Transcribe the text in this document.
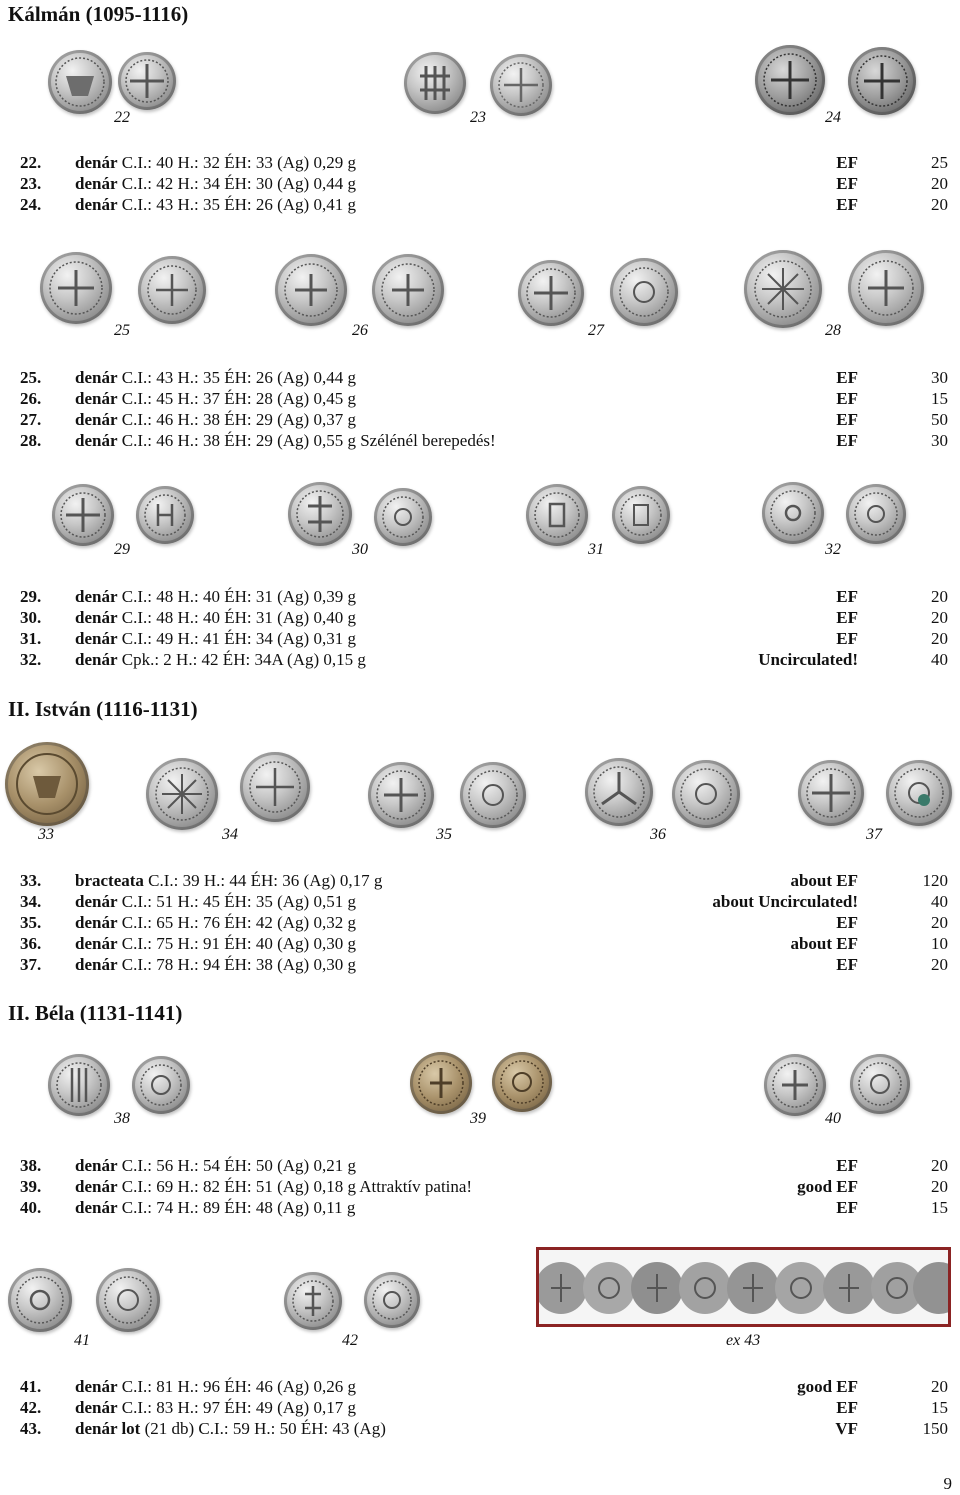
Kálmán (1095-1116)
22	23	24
22. denár C.I.: 40 H.: 32 ÉH: 33 (Ag) 0,29 g	EF	25
23. denár C.I.: 42 H.: 34 ÉH: 30 (Ag) 0,44 g	EF	20
24. denár C.I.: 43 H.: 35 ÉH: 26 (Ag) 0,41 g	EF	20
25	26	27	28
25. denár C.I.: 43 H.: 35 ÉH: 26 (Ag) 0,44 g	EF	30
26. denár C.I.: 45 H.: 37 ÉH: 28 (Ag) 0,45 g	EF	15
27. denár C.I.: 46 H.: 38 ÉH: 29 (Ag) 0,37 g	EF	50
28. denár C.I.: 46 H.: 38 ÉH: 29 (Ag) 0,55 g Szélénél berepedés!	EF	30
29	30	31	32
29. denár C.I.: 48 H.: 40 ÉH: 31 (Ag) 0,39 g	EF	20
30. denár C.I.: 48 H.: 40 ÉH: 31 (Ag) 0,40 g	EF	20
31. denár C.I.: 49 H.: 41 ÉH: 34 (Ag) 0,31 g	EF	20
32. denár Cpk.: 2 H.: 42 ÉH: 34A (Ag) 0,15 g	Uncirculated!	40
II. István (1116-1131)
33	34	35	36	37
33. bracteata C.I.: 39 H.: 44 ÉH: 36 (Ag) 0,17 g	about EF	120
34. denár C.I.: 51 H.: 45 ÉH: 35 (Ag) 0,51 g	about Uncirculated!	40
35. denár C.I.: 65 H.: 76 ÉH: 42 (Ag) 0,32 g	EF	20
36. denár C.I.: 75 H.: 91 ÉH: 40 (Ag) 0,30 g	about EF	10
37. denár C.I.: 78 H.: 94 ÉH: 38 (Ag) 0,30 g	EF	20
II. Béla (1131-1141)
38	39	40
38. denár C.I.: 56 H.: 54 ÉH: 50 (Ag) 0,21 g	EF	20
39. denár C.I.: 69 H.: 82 ÉH: 51 (Ag) 0,18 g Attraktív patina!	good EF	20
40. denár C.I.: 74 H.: 89 ÉH: 48 (Ag) 0,11 g	EF	15
41	42	ex 43
41. denár C.I.: 81 H.: 96 ÉH: 46 (Ag) 0,26 g	good EF	20
42. denár C.I.: 83 H.: 97 ÉH: 49 (Ag) 0,17 g	EF	15
43. denár lot (21 db) C.I.: 59 H.: 50 ÉH: 43 (Ag)	VF	150
9
